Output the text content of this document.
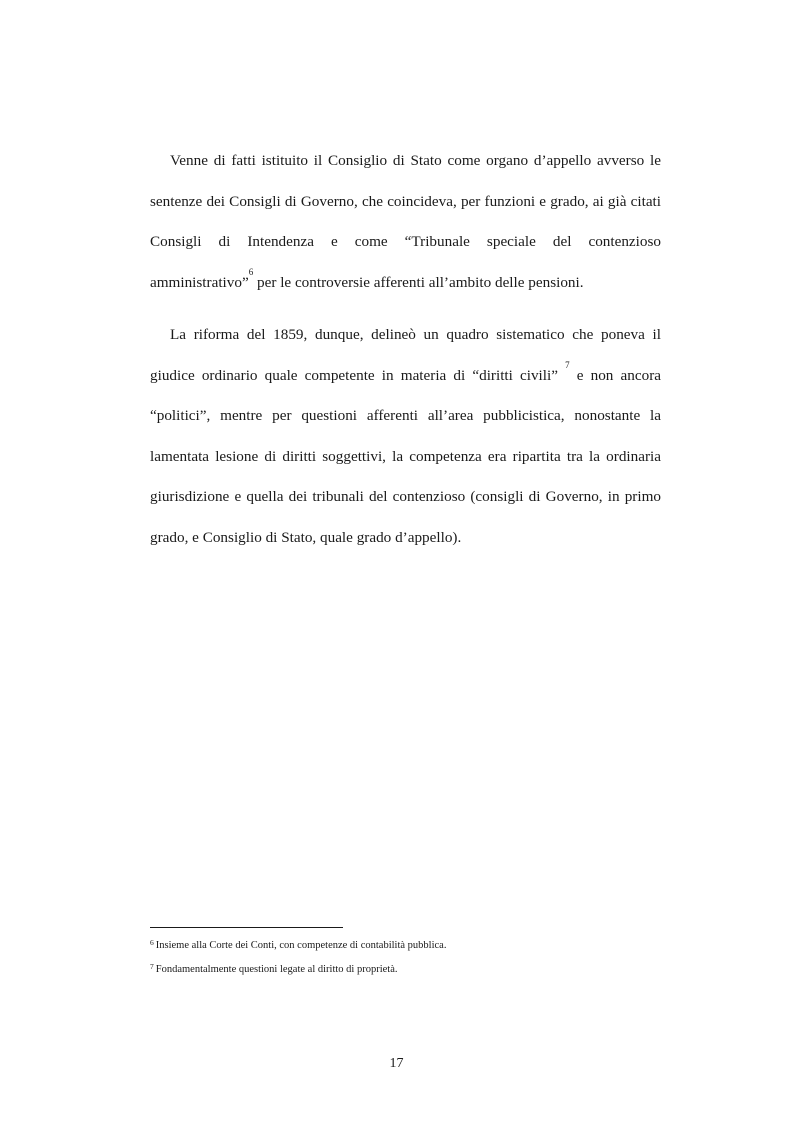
Venne di fatti istituito il Consiglio di Stato come organo d’appello avverso le sentenze dei Consigli di Governo, che coincideva, per funzioni e grado, ai già citati Consigli di Intendenza e come “Tribunale speciale del contenzioso amministrativo”$^6$ per le controversie afferenti all’ambito delle pensioni.

La riforma del 1859, dunque, delineò un quadro sistematico che poneva il giudice ordinario quale competente in materia di “diritti civili” $^7$ e non ancora “politici”, mentre per questioni afferenti all’area pubblicistica, nonostante la lamentata lesione di diritti soggettivi, la competenza era ripartita tra la ordinaria giurisdizione e quella dei tribunali del contenzioso (consigli di Governo, in primo grado, e Consiglio di Stato, quale grado d’appello).

$^6$ Insieme alla Corte dei Conti, con competenze di contabilità pubblica.

$^7$ Fondamentalmente questioni legate al diritto di proprietà.

17
